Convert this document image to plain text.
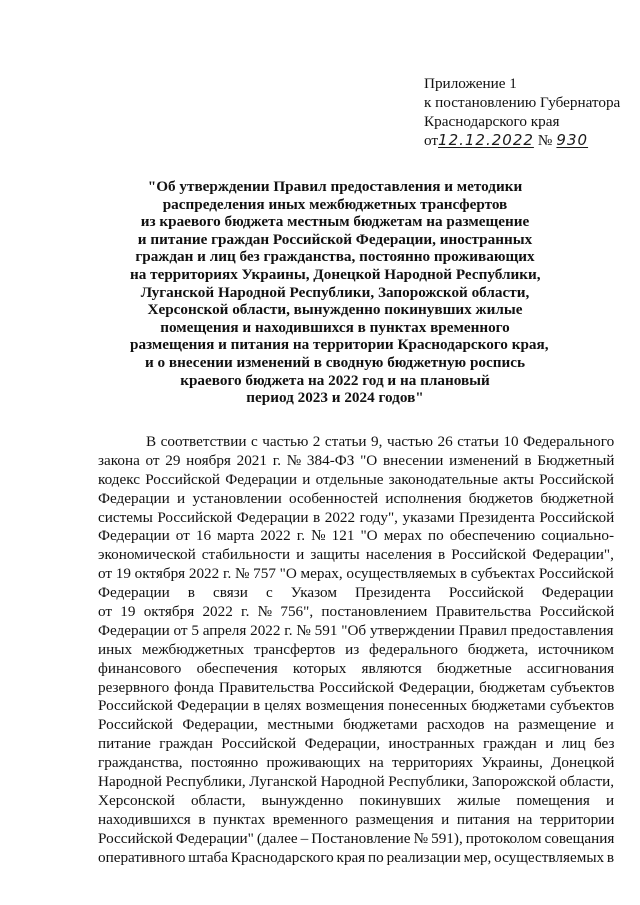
Приложение 1
к постановлению Губернатора
Краснодарского края
от12.12.2022 № 930
"Об утверждении Правил предоставления и методики
распределения иных межбюджетных трансфертов
из краевого бюджета местным бюджетам на размещение
и питание граждан Российской Федерации, иностранных
граждан и лиц без гражданства, постоянно проживающих
на территориях Украины, Донецкой Народной Республики,
Луганской Народной Республики, Запорожской области,
Херсонской области, вынужденно покинувших жилые
помещения и находившихся в пунктах временного
размещения и питания на территории Краснодарского края,
и о внесении изменений в сводную бюджетную роспись
краевого бюджета на 2022 год и на плановый
период 2023 и 2024 годов"
В соответствии с частью 2 статьи 9, частью 26 статьи 10 Федерального
закона от 29 ноября 2021 г. № 384-ФЗ "О внесении изменений в Бюджетный
кодекс Российской Федерации и отдельные законодательные акты Российской
Федерации и установлении особенностей исполнения бюджетов бюджетной
системы Российской Федерации в 2022 году", указами Президента Российской
Федерации от 16 марта 2022 г. № 121 "О мерах по обеспечению социально-
экономической стабильности и защиты населения в Российской Федерации",
от 19 октября 2022 г. № 757 "О мерах, осуществляемых в субъектах Российской
Федерации в связи с Указом Президента Российской Федерации
от 19 октября 2022 г. № 756", постановлением Правительства Российской
Федерации от 5 апреля 2022 г. № 591 "Об утверждении Правил предоставления
иных межбюджетных трансфертов из федерального бюджета, источником
финансового обеспечения которых являются бюджетные ассигнования
резервного фонда Правительства Российской Федерации, бюджетам субъектов
Российской Федерации в целях возмещения понесенных бюджетами субъектов
Российской Федерации, местными бюджетами расходов на размещение и
питание граждан Российской Федерации, иностранных граждан и лиц без
гражданства, постоянно проживающих на территориях Украины, Донецкой
Народной Республики, Луганской Народной Республики, Запорожской области,
Херсонской области, вынужденно покинувших жилые помещения и
находившихся в пунктах временного размещения и питания на территории
Российской Федерации" (далее – Постановление № 591), протоколом совещания
оперативного штаба Краснодарского края по реализации мер, осуществляемых в
